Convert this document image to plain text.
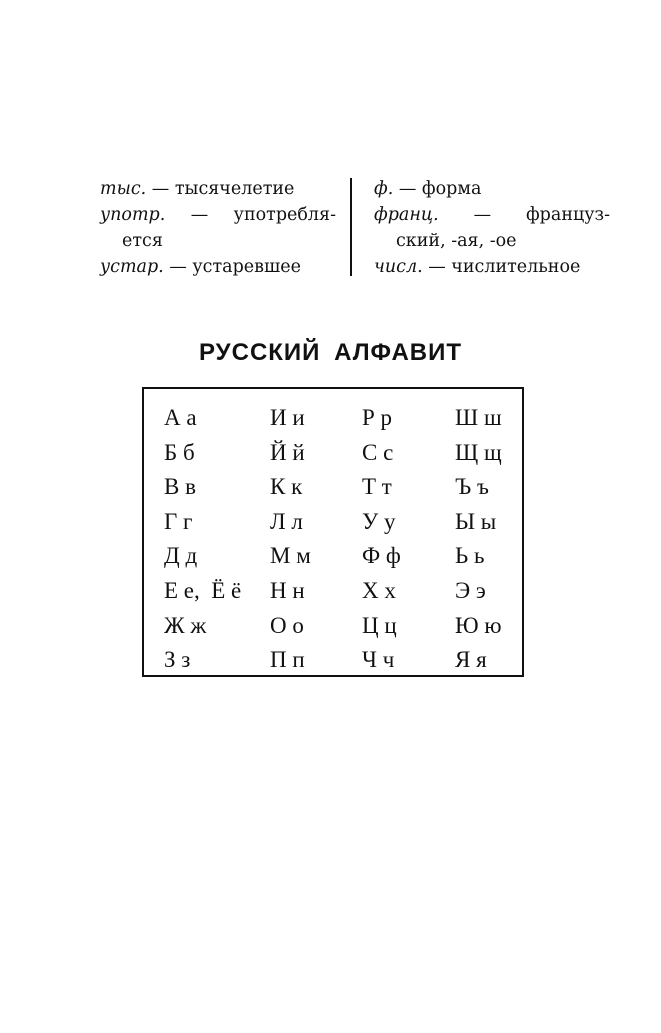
тыс. — тысячелетие
употр. — употребля-
ется
устар. — устаревшее
ф. — форма
франц. — француз-
ский, -ая, -ое
числ. — числительное
РУССКИЙ АЛФАВИТ
А а
Б б
В в
Г г
Д д
Е е,  Ё ё
Ж ж
З з
И и
Й й
К к
Л л
М м
Н н
О о
П п
Р р
С с
Т т
У у
Ф ф
Х х
Ц ц
Ч ч
Ш ш
Щ щ
Ъ ъ
Ы ы
Ь ь
Э э
Ю ю
Я я
